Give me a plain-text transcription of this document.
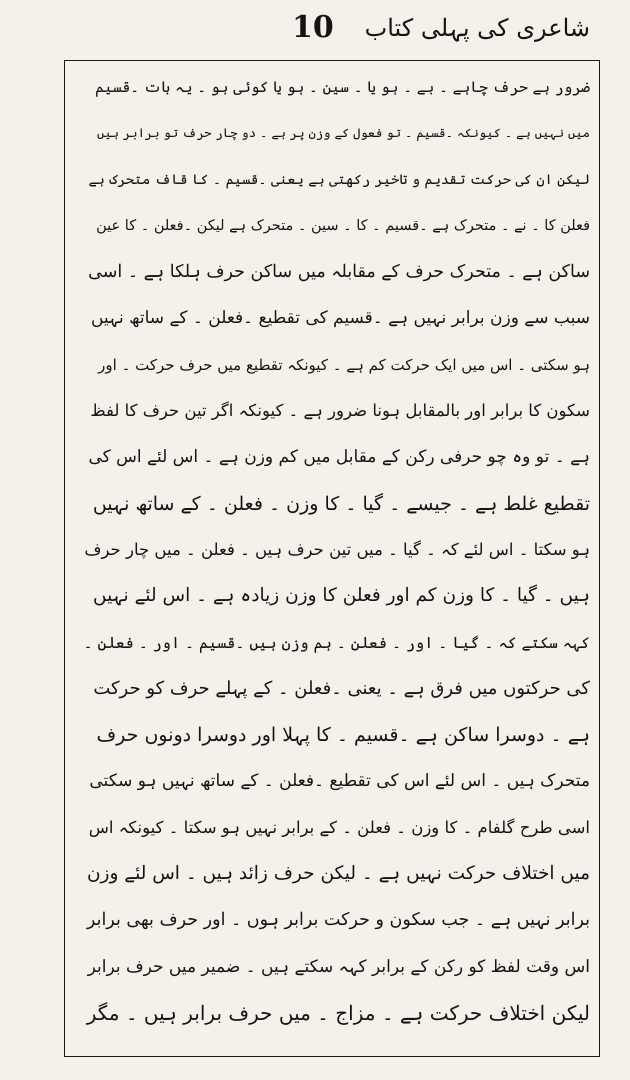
شاعری کی پہلی کتاب
10
ضرور ہے حرف چاہے ۔ بے ۔ ہو یا ۔ سین ۔ ہو یا کوئی ہو ۔ یہ بات ۔قسیم
میں نہیں ہے ۔ کیونکہ ۔قسیم ۔ تو فعول کے وزن پر ہے ۔ دو چار حرف تو برابر ہیں
لیکن ان کی حرکت تقدیم و تاخیر رکھتی ہے یعنی ۔قسیم ۔ کا قاف متحرک ہے
فعلن کا ۔ نے ۔ متحرک ہے ۔قسیم ۔ کا ۔ سین ۔ متحرک ہے لیکن ۔فعلن ۔ کا عین
ساکن ہے ۔ متحرک حرف کے مقابلہ میں ساکن حرف ہلکا ہے ۔ اسی
سبب سے وزن برابر نہیں ہے ۔قسیم کی تقطیع ۔فعلن ۔ کے ساتھ نہیں
ہو سکتی ۔ اس میں ایک حرکت کم ہے ۔ کیونکہ تقطیع میں حرف حرکت ۔ اور
سکون کا برابر اور بالمقابل ہونا ضرور ہے ۔ کیونکہ اگر تین حرف کا لفظ
ہے ۔ تو وہ چو حرفی رکن کے مقابل میں کم وزن ہے ۔ اس لئے اس کی
تقطیع غلط ہے ۔ جیسے ۔ گیا ۔ کا وزن ۔ فعلن ۔ کے ساتھ نہیں
ہو سکتا ۔ اس لئے کہ ۔ گیا ۔ میں تین حرف ہیں ۔ فعلن ۔ میں چار حرف
ہیں ۔ گیا ۔ کا وزن کم اور فعلن کا وزن زیادہ ہے ۔ اس لئے نہیں
کہہ سکتے کہ ۔ گیا ۔ اور ۔ فعلن ۔ ہم وزن ہیں ۔قسیم ۔ اور ۔ فعلن ۔
کی حرکتوں میں فرق ہے ۔ یعنی ۔فعلن ۔ کے پہلے حرف کو حرکت
ہے ۔ دوسرا ساکن ہے ۔قسیم ۔ کا پہلا اور دوسرا دونوں حرف
متحرک ہیں ۔ اس لئے اس کی تقطیع ۔فعلن ۔ کے ساتھ نہیں ہو سکتی
اسی طرح گلفام ۔ کا وزن ۔ فعلن ۔ کے برابر نہیں ہو سکتا ۔ کیونکہ اس
میں اختلاف حرکت نہیں ہے ۔ لیکن حرف زائد ہیں ۔ اس لئے وزن
برابر نہیں ہے ۔ جب سکون و حرکت برابر ہوں ۔ اور حرف بھی برابر
اس وقت لفظ کو رکن کے برابر کہہ سکتے ہیں ۔ ضمیر میں حرف برابر
لیکن اختلاف حرکت ہے ۔ مزاج ۔ میں حرف برابر ہیں ۔ مگر
